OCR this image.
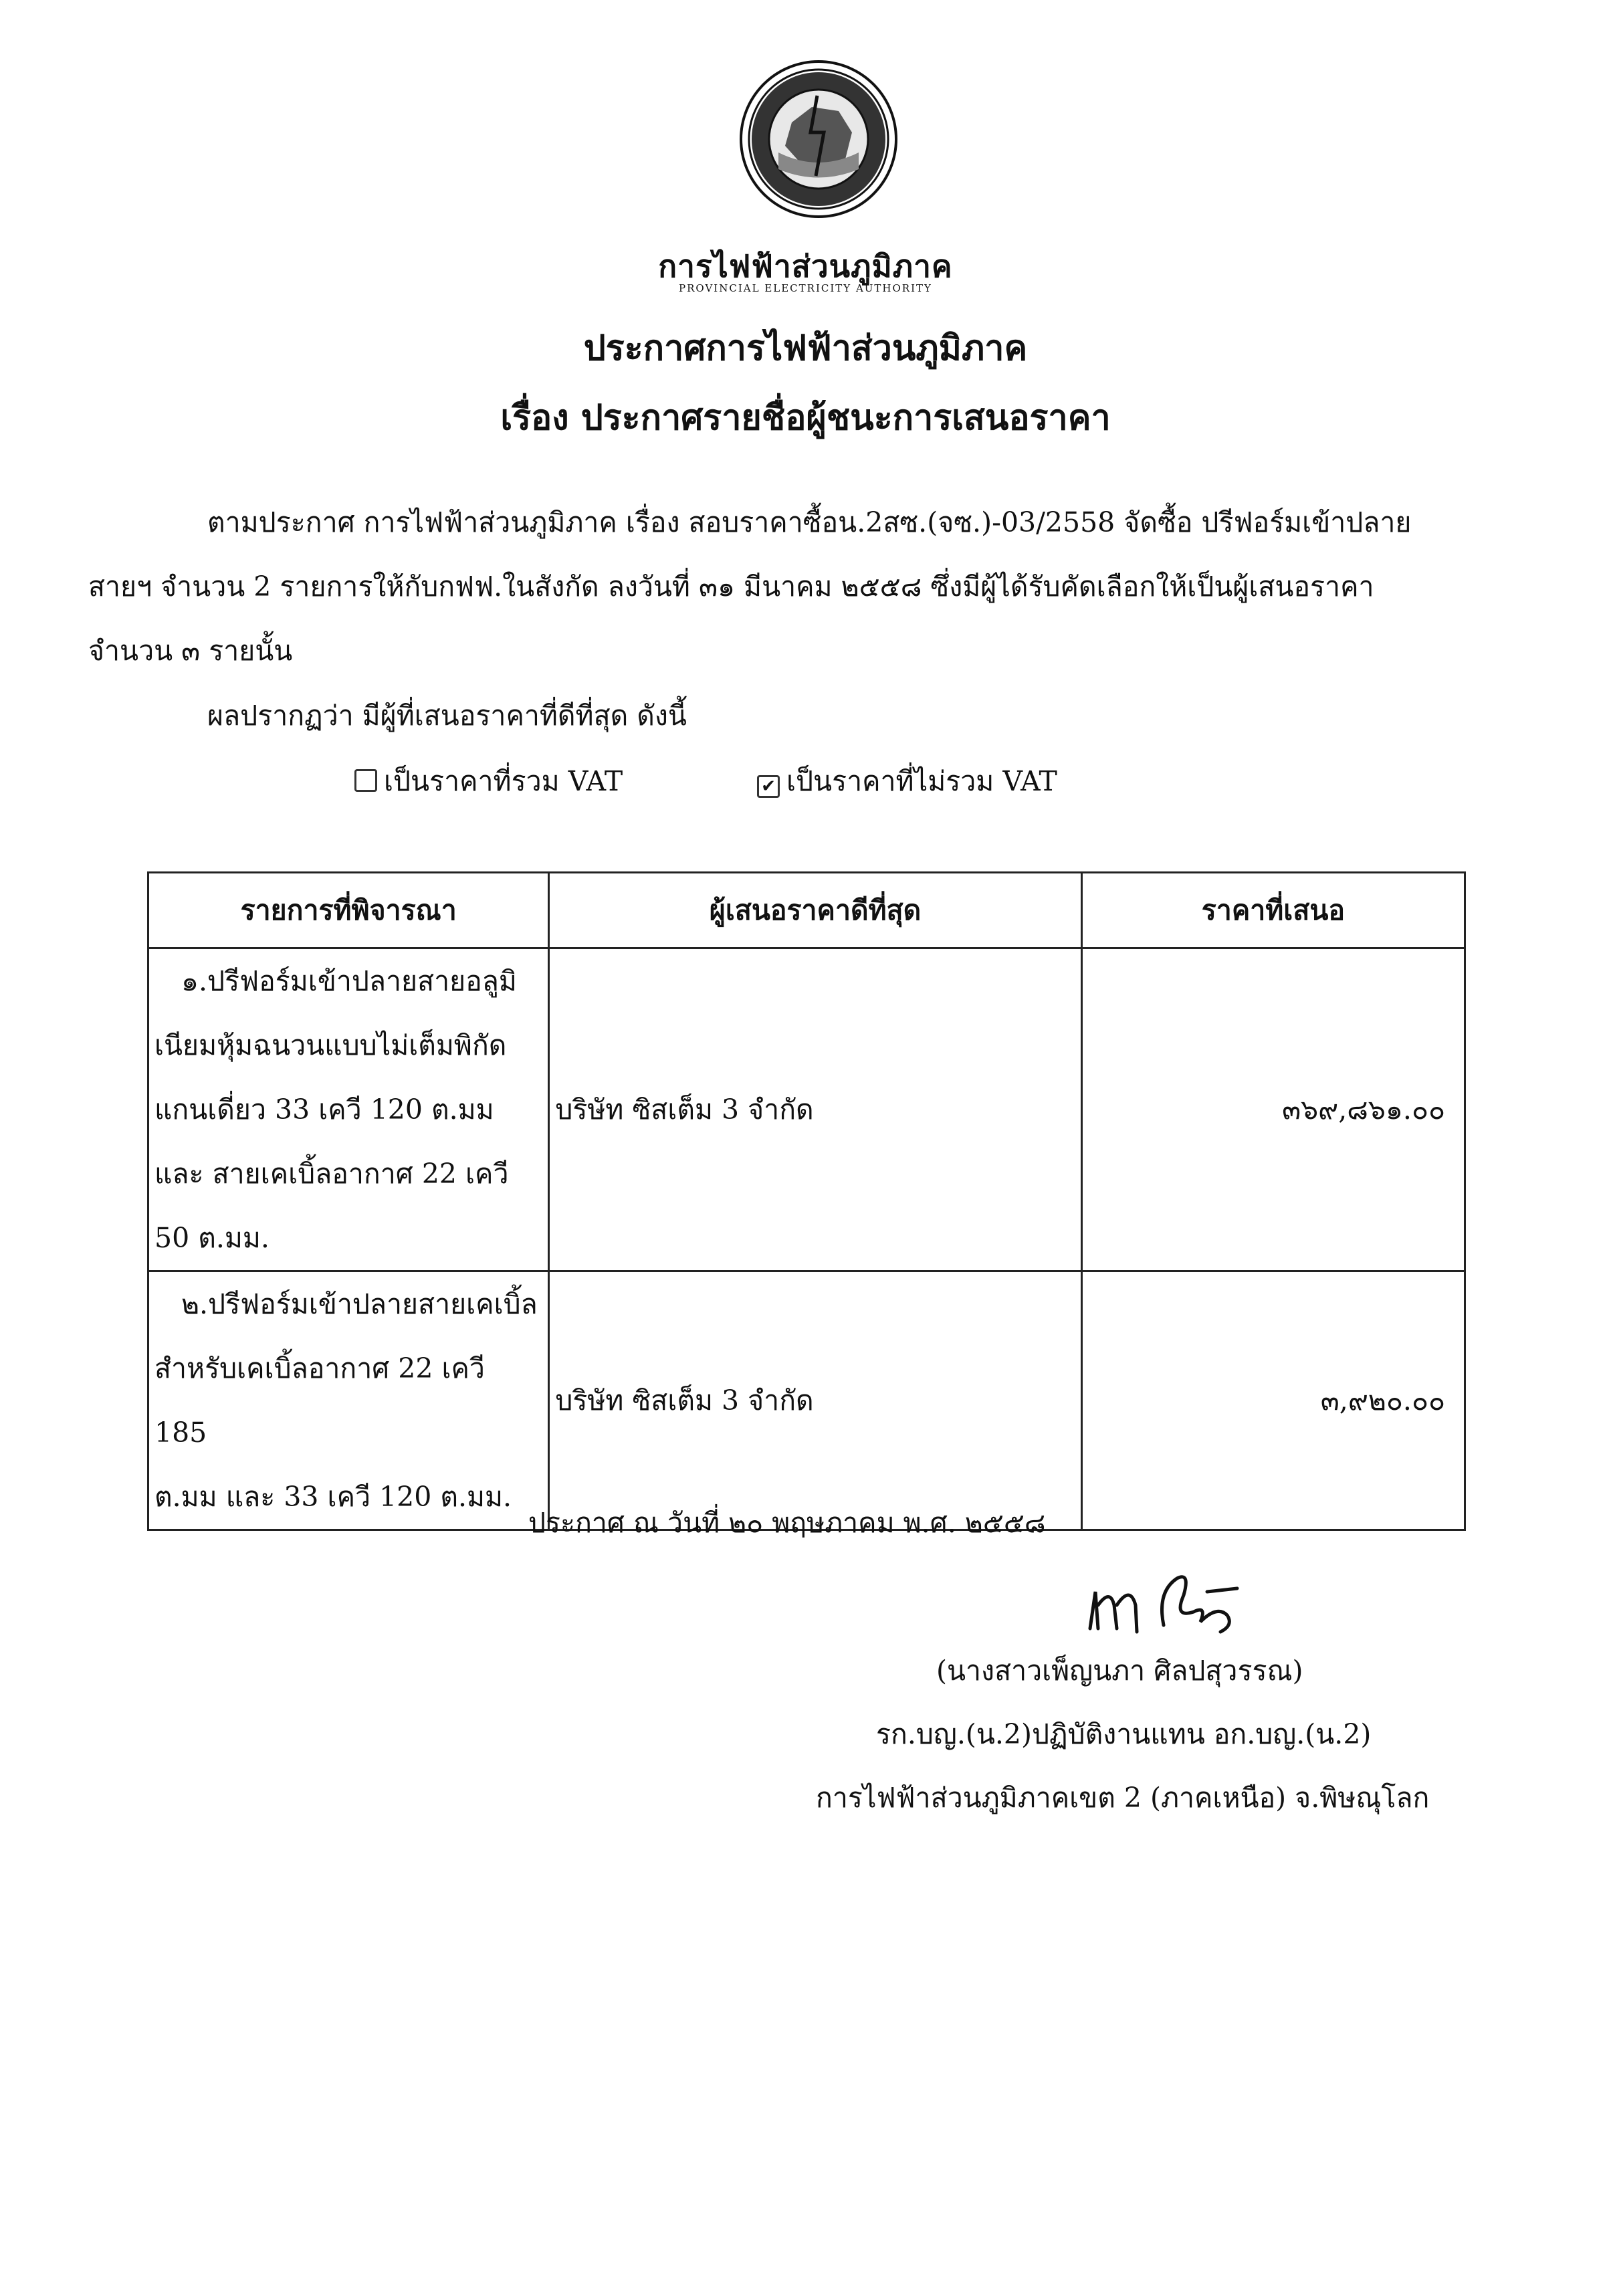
การไฟฟ้าส่วนภูมิภาค
PROVINCIAL ELECTRICITY AUTHORITY
ประกาศการไฟฟ้าส่วนภูมิภาค
เรื่อง ประกาศรายชื่อผู้ชนะการเสนอราคา
ตามประกาศ การไฟฟ้าส่วนภูมิภาค เรื่อง สอบราคาซื้อน.2สซ.(จซ.)-03/2558 จัดซื้อ ปรีฟอร์มเข้าปลาย
สายฯ จำนวน 2 รายการให้กับกฟฟ.ในสังกัด ลงวันที่ ๓๑ มีนาคม ๒๕๕๘ ซึ่งมีผู้ได้รับคัดเลือกให้เป็นผู้เสนอราคา
จำนวน ๓ รายนั้น
ผลปรากฏว่า มีผู้ที่เสนอราคาที่ดีที่สุด ดังนี้
เป็นราคาที่รวม VAT	✔ เป็นราคาที่ไม่รวม VAT
รายการที่พิจารณา	ผู้เสนอราคาดีที่สุด	ราคาที่เสนอ

๑.ปรีฟอร์มเข้าปลายสายอลูมิ
เนียมหุ้มฉนวนแบบไม่เต็มพิกัด
แกนเดี่ยว 33 เควี 120 ต.มม
และ สายเคเบิ้ลอากาศ 22 เควี
50 ต.มม.	บริษัท ซิสเต็ม 3 จำกัด	๓๖๙,๘๖๑.๐๐

๒.ปรีฟอร์มเข้าปลายสายเคเบิ้ล
สำหรับเคเบิ้ลอากาศ 22 เควี 185
ต.มม และ 33 เควี 120 ต.มม.	บริษัท ซิสเต็ม 3 จำกัด	๓,๙๒๐.๐๐
ประกาศ ณ วันที่ ๒๐ พฤษภาคม พ.ศ. ๒๕๕๘
(นางสาวเพ็ญนภา ศิลปสุวรรณ)
รก.บญ.(น.2)ปฏิบัติงานแทน อก.บญ.(น.2)
การไฟฟ้าส่วนภูมิภาคเขต 2 (ภาคเหนือ) จ.พิษณุโลก
